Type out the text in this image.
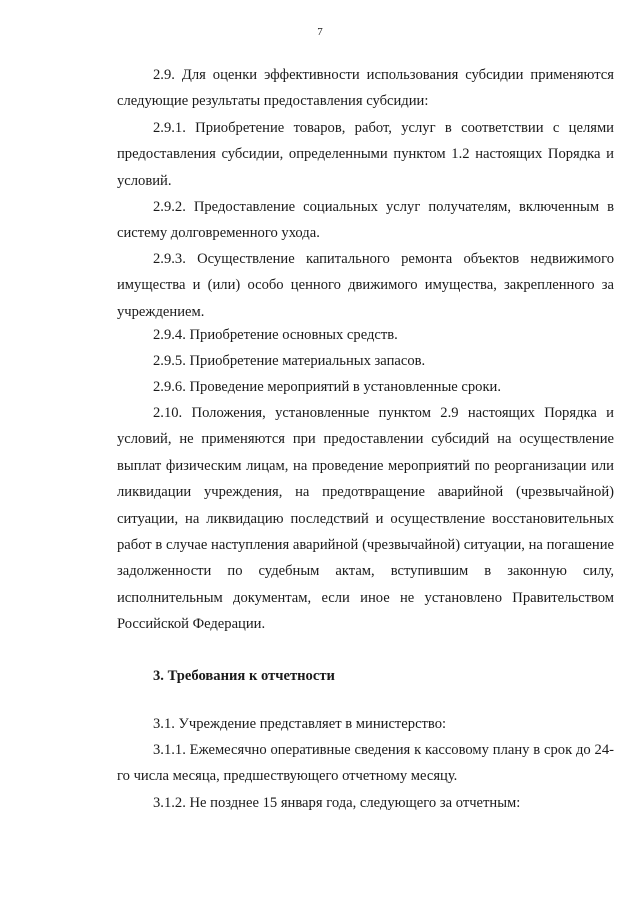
7

2.9. Для оценки эффективности использования субсидии применяются следующие результаты предоставления субсидии:

2.9.1. Приобретение товаров, работ, услуг в соответствии с целями предоставления субсидии, определенными пунктом 1.2 настоящих Порядка и условий.

2.9.2. Предоставление социальных услуг получателям, включенным в систему долговременного ухода.

2.9.3. Осуществление капитального ремонта объектов недвижимого имущества и (или) особо ценного движимого имущества, закрепленного за учреждением.

2.9.4. Приобретение основных средств.

2.9.5. Приобретение материальных запасов.

2.9.6. Проведение мероприятий в установленные сроки.

2.10. Положения, установленные пунктом 2.9 настоящих Порядка и условий, не применяются при предоставлении субсидий на осуществление выплат физическим лицам, на проведение мероприятий по реорганизации или ликвидации учреждения, на предотвращение аварийной (чрезвычайной) ситуации, на ликвидацию последствий и осуществление восстановительных работ в случае наступления аварийной (чрезвычайной) ситуации, на погашение задолженности по судебным актам, вступившим в законную силу, исполнительным документам, если иное не установлено Правительством Российской Федерации.

3. Требования к отчетности

3.1. Учреждение представляет в министерство:

3.1.1. Ежемесячно оперативные сведения к кассовому плану в срок до 24-го числа месяца, предшествующего отчетному месяцу.

3.1.2. Не позднее 15 января года, следующего за отчетным:
